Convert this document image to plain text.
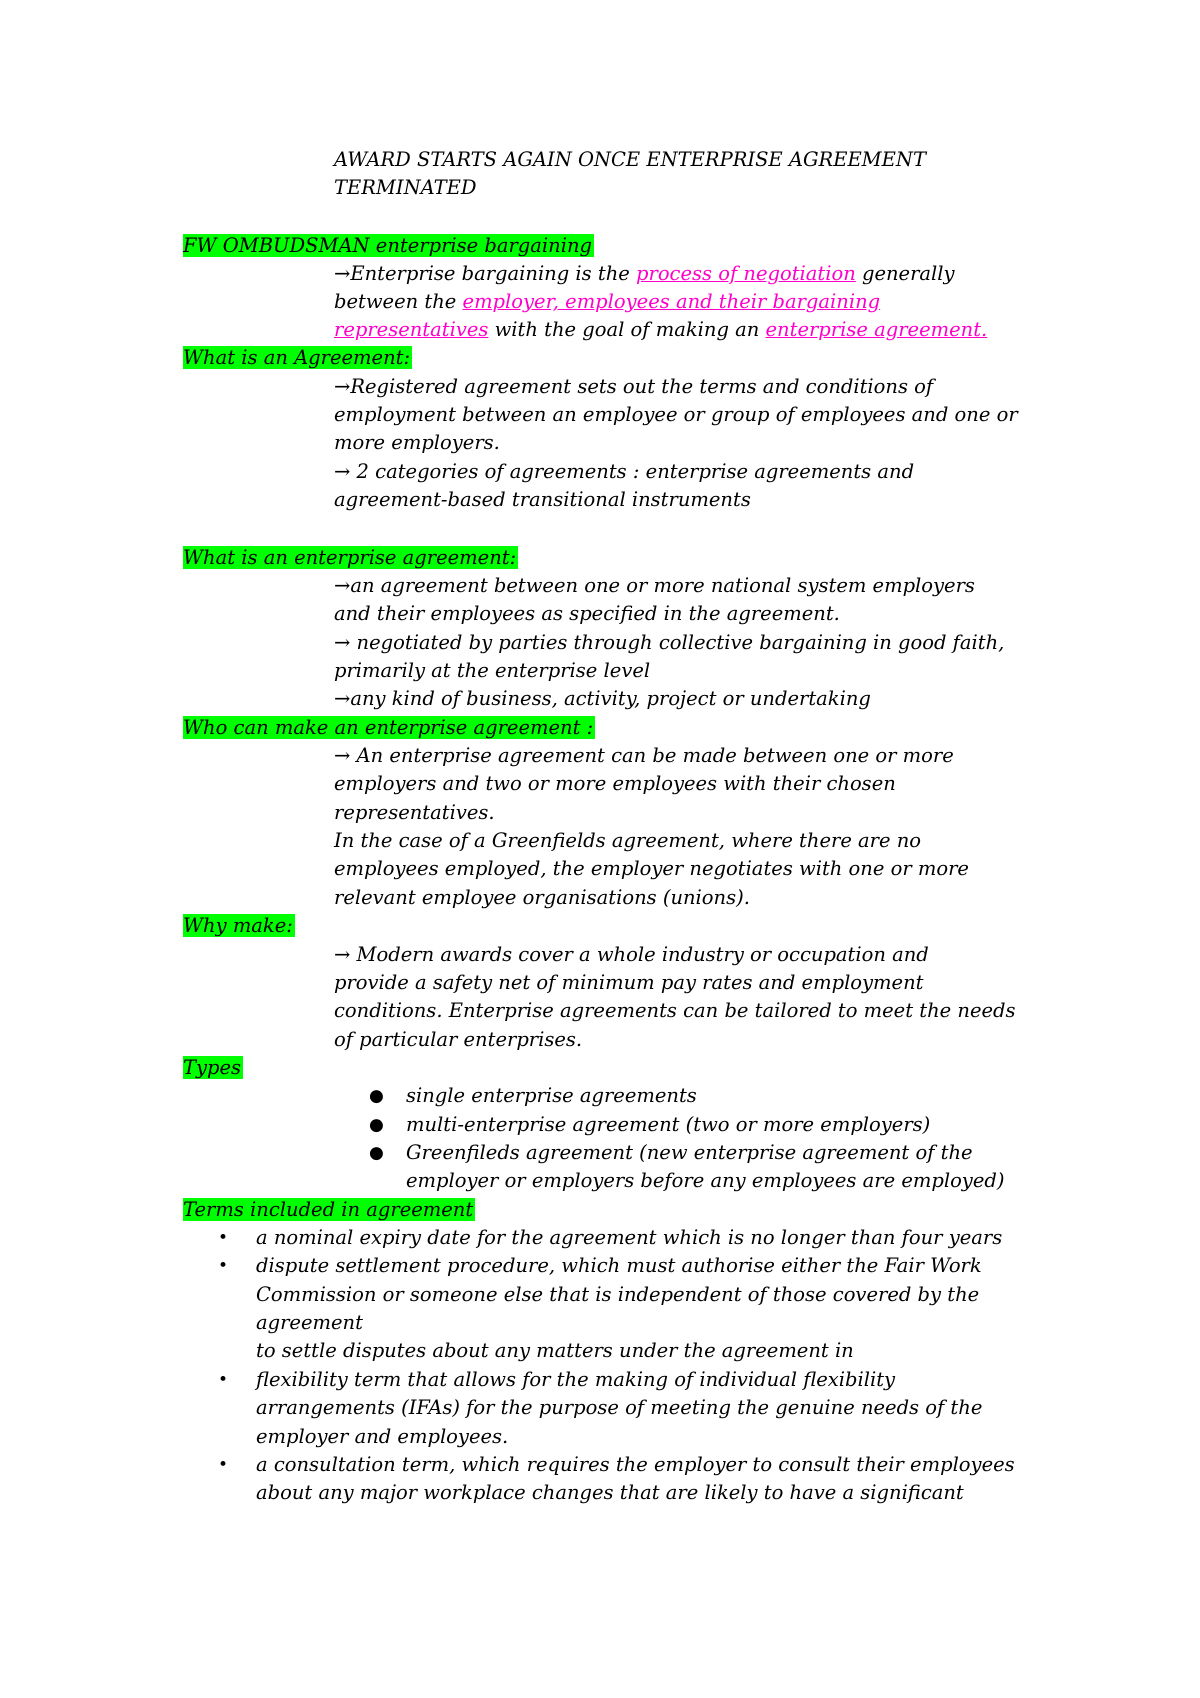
AWARD STARTS AGAIN ONCE ENTERPRISE AGREEMENT
TERMINATED
FW OMBUDSMAN enterprise bargaining
→Enterprise bargaining is the process of negotiation generally
between the employer, employees and their bargaining
representatives with the goal of making an enterprise agreement.
What is an Agreement:
→Registered agreement sets out the terms and conditions of
employment between an employee or group of employees and one or
more employers.
→ 2 categories of agreements : enterprise agreements and
agreement-based transitional instruments
What is an enterprise agreement:
→an agreement between one or more national system employers
and their employees as specified in the agreement.
→ negotiated by parties through collective bargaining in good faith,
primarily at the enterprise level
→any kind of business, activity, project or undertaking
Who can make an enterprise agreement :
→ An enterprise agreement can be made between one or more
employers and two or more employees with their chosen
representatives.
In the case of a Greenfields agreement, where there are no
employees employed, the employer negotiates with one or more
relevant employee organisations (unions).
Why make:
→ Modern awards cover a whole industry or occupation and
provide a safety net of minimum pay rates and employment
conditions. Enterprise agreements can be tailored to meet the needs
of particular enterprises.
Types
● single enterprise agreements
● multi-enterprise agreement (two or more employers)
● Greenfileds agreement (new enterprise agreement of the
employer or employers before any employees are employed)
Terms included in agreement
• a nominal expiry date for the agreement which is no longer than four years
• dispute settlement procedure, which must authorise either the Fair Work
Commission or someone else that is independent of those covered by the
agreement
to settle disputes about any matters under the agreement in
• flexibility term that allows for the making of individual flexibility
arrangements (IFAs) for the purpose of meeting the genuine needs of the
employer and employees.
• a consultation term, which requires the employer to consult their employees
about any major workplace changes that are likely to have a significant
